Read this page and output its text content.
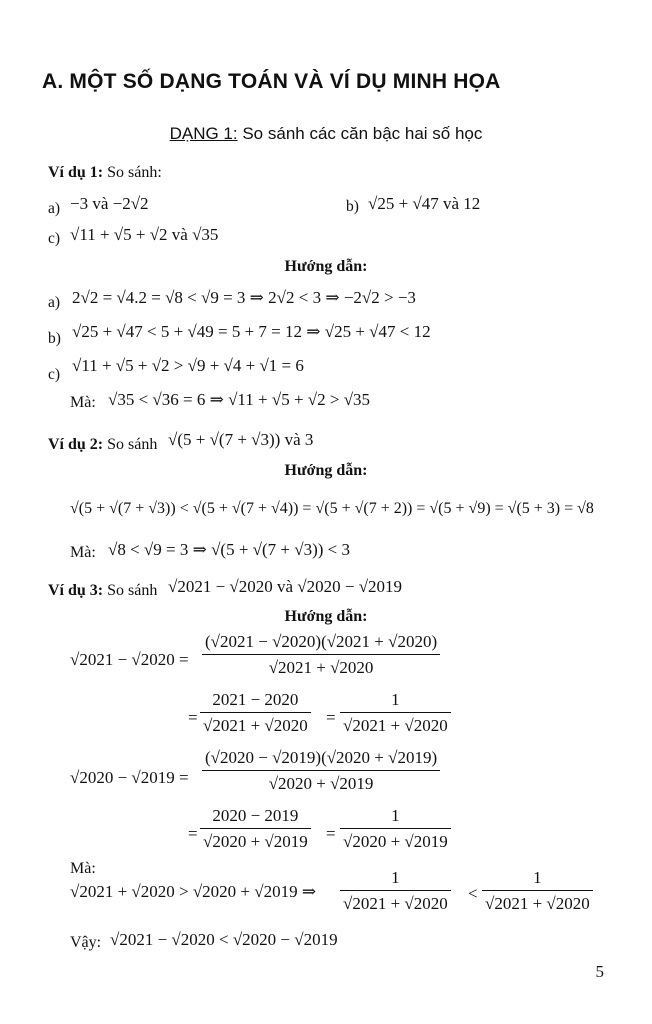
A. MỘT SỐ DẠNG TOÁN VÀ VÍ DỤ MINH HỌA
DẠNG 1: So sánh các căn bậc hai số học
Ví dụ 1: So sánh:
a) −3 và −2√2	b) √25 + √47 và 12
c) √11 + √5 + √2 và √35
Hướng dẫn:
a) 2√2 = √4.2 = √8 < √9 = 3 ⇒ 2√2 < 3 ⇒ −2√2 > −3
b) √25 + √47 < 5 + √49 = 5 + 7 = 12 ⇒ √25 + √47 < 12
c) √11 + √5 + √2 > √9 + √4 + √1 = 6
Mà: √35 < √36 = 6 ⇒ √11 + √5 + √2 > √35
Ví dụ 2: So sánh √(5 + √(7 + √3)) và 3
Hướng dẫn:
√(5 + √(7 + √3)) < √(5 + √(7 + √4)) = √(5 + √(7 + 2)) = √(5 + √9) = √(5 + 3) = √8
Mà: √8 < √9 = 3 ⇒ √(5 + √(7 + √3)) < 3
Ví dụ 3: So sánh √2021 − √2020 và √2020 − √2019
Hướng dẫn:
$√2021 - √2020 = \frac{(√2021 - √2020)(√2021 + √2020)}{√2021 + √2020}$
= $\frac{2021 - 2020}{√2021 + √2020} = \frac{1}{√2021 + √2020}$
$√2020 - √2019 = \frac{(√2020 - √2019)(√2020 + √2019)}{√2020 + √2019}$
= $\frac{2020 - 2019}{√2020 + √2019} = \frac{1}{√2020 + √2019}$
Mà:
√2021 + √2020 > √2020 + √2019 ⇒ $\frac{1}{√2021 + √2020} < \frac{1}{√2021 + √2020}$
Vậy: √2021 − √2020 < √2020 − √2019
5
